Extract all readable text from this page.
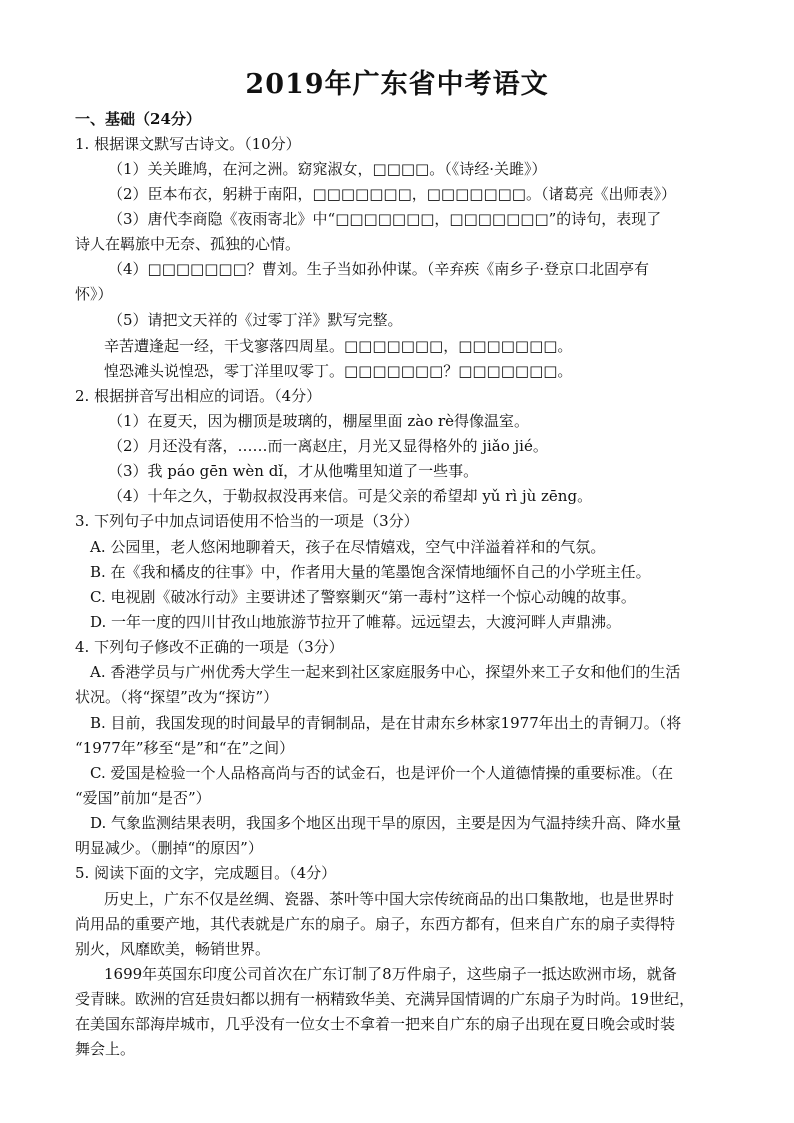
2019年广东省中考语文
一、基础（24分）
1. 根据课文默写古诗文。（10分）
（1）关关雎鸠，在河之洲。窈窕淑女，□□□□。（《诗经·关雎》）
（2）臣本布衣，躬耕于南阳，□□□□□□□，□□□□□□□。（诸葛亮《出师表》）
（3）唐代李商隐《夜雨寄北》中“□□□□□□□，□□□□□□□”的诗句，表现了
诗人在羁旅中无奈、孤独的心情。
（4）□□□□□□□？曹刘。生子当如孙仲谋。（辛弃疾《南乡子·登京口北固亭有
怀》）
（5）请把文天祥的《过零丁洋》默写完整。
辛苦遭逢起一经，干戈寥落四周星。□□□□□□□，□□□□□□□。
惶恐滩头说惶恐，零丁洋里叹零丁。□□□□□□□？□□□□□□□。
2. 根据拼音写出相应的词语。（4分）
（1）在夏天，因为棚顶是玻璃的，棚屋里面 zào rè得像温室。
（2）月还没有落，……而一离赵庄，月光又显得格外的 jiǎo jié。
（3）我 páo gēn wèn dǐ，才从他嘴里知道了一些事。
（4）十年之久，于勒叔叔没再来信。可是父亲的希望却 yǔ rì jù zēng。
3. 下列句子中加点词语使用不恰当的一项是（3分）
A. 公园里，老人悠闲地聊着天，孩子在尽情嬉戏，空气中洋溢着祥和的气氛。
B. 在《我和橘皮的往事》中，作者用大量的笔墨饱含深情地缅怀自己的小学班主任。
C. 电视剧《破冰行动》主要讲述了警察剿灭“第一毒村”这样一个惊心动魄的故事。
D. 一年一度的四川甘孜山地旅游节拉开了帷幕。远远望去，大渡河畔人声鼎沸。
4. 下列句子修改不正确的一项是（3分）
A. 香港学员与广州优秀大学生一起来到社区家庭服务中心，探望外来工子女和他们的生活
状况。（将“探望”改为“探访”）
B. 目前，我国发现的时间最早的青铜制品，是在甘肃东乡林家1977年出土的青铜刀。（将
“1977年”移至“是”和“在”之间）
C. 爱国是检验一个人品格高尚与否的试金石，也是评价一个人道德情操的重要标准。（在
“爱国”前加“是否”）
D. 气象监测结果表明，我国多个地区出现干旱的原因，主要是因为气温持续升高、降水量
明显减少。（删掉“的原因”）
5. 阅读下面的文字，完成题目。（4分）
历史上，广东不仅是丝绸、瓷器、茶叶等中国大宗传统商品的出口集散地，也是世界时
尚用品的重要产地，其代表就是广东的扇子。扇子，东西方都有，但来自广东的扇子卖得特
别火，风靡欧美，畅销世界。
1699年英国东印度公司首次在广东订制了8万件扇子，这些扇子一抵达欧洲市场，就备
受青睐。欧洲的宫廷贵妇都以拥有一柄精致华美、充满异国情调的广东扇子为时尚。19世纪，
在美国东部海岸城市，几乎没有一位女士不拿着一把来自广东的扇子出现在夏日晚会或时装
舞会上。
